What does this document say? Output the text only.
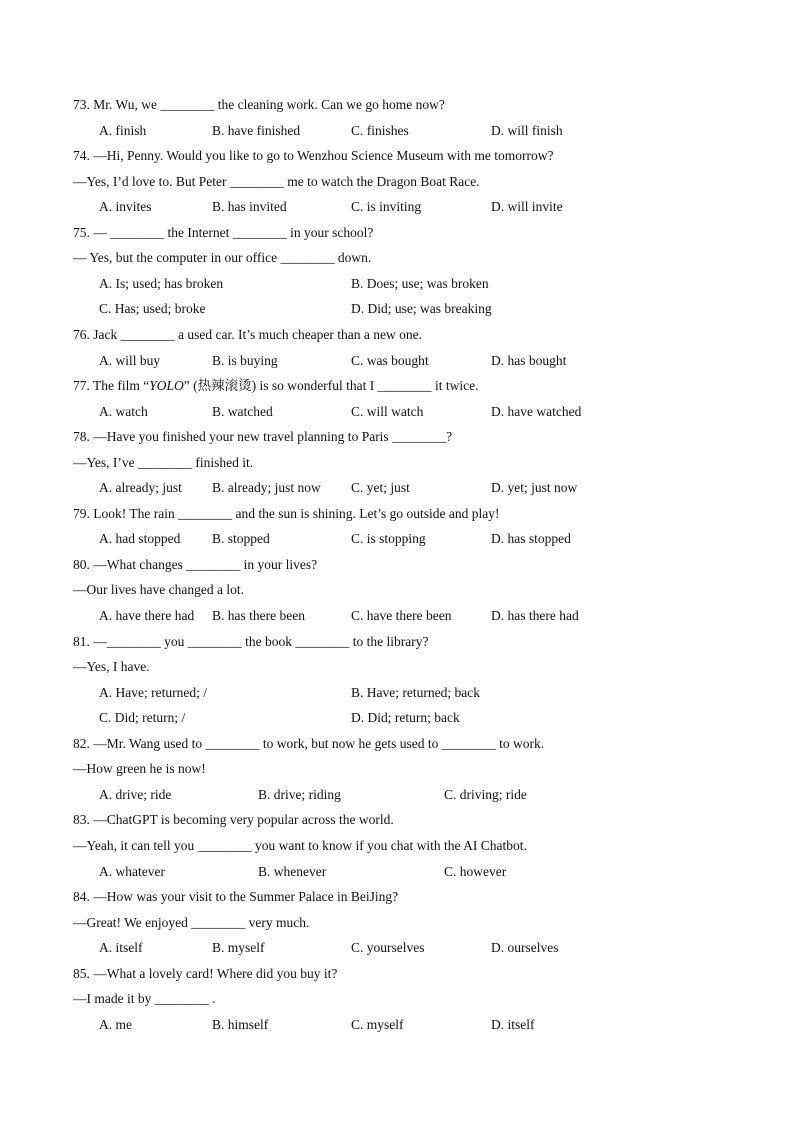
73. Mr. Wu, we ________ the cleaning work. Can we go home now?
A. finish	B. have finished	C. finishes	D. will finish
74. —Hi, Penny. Would you like to go to Wenzhou Science Museum with me tomorrow?
—Yes, I’d love to. But Peter ________ me to watch the Dragon Boat Race.
A. invites	B. has invited	C. is inviting	D. will invite
75. — ________ the Internet ________ in your school?
— Yes, but the computer in our office ________ down.
A. Is; used; has broken	B. Does; use; was broken
C. Has; used; broke	D. Did; use; was breaking
76. Jack ________ a used car. It’s much cheaper than a new one.
A. will buy	B. is buying	C. was bought	D. has bought
77. The film “YOLO” (热辣滚烫) is so wonderful that I ________ it twice.
A. watch	B. watched	C. will watch	D. have watched
78. —Have you finished your new travel planning to Paris ________?
—Yes, I’ve ________ finished it.
A. already; just B. already; just now C. yet; just	D. yet; just now
79. Look! The rain ________ and the sun is shining. Let’s go outside and play!
A. had stopped B. stopped	C. is stopping	D. has stopped
80. —What changes ________ in your lives?
—Our lives have changed a lot.
A. have there had B. has there been	C. have there been	D. has there had
81. —________ you ________ the book ________ to the library?
—Yes, I have.
A. Have; returned; /	B. Have; returned; back
C. Did; return; /	D. Did; return; back
82. —Mr. Wang used to ________ to work, but now he gets used to ________ to work.
—How green he is now!
A. drive; ride	B. drive; riding	C. driving; ride
83. —ChatGPT is becoming very popular across the world.
—Yeah, it can tell you ________ you want to know if you chat with the AI Chatbot.
A. whatever	B. whenever	C. however
84. —How was your visit to the Summer Palace in BeiJing?
—Great! We enjoyed ________ very much.
A. itself	B. myself	C. yourselves	D. ourselves
85. —What a lovely card! Where did you buy it?
—I made it by ________ .
A. me	B. himself	C. myself	D. itself
